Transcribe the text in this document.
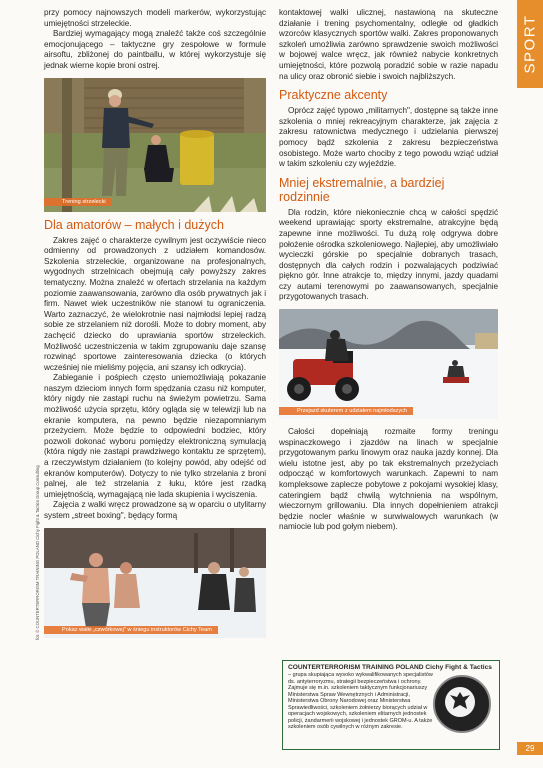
SPORT

przy pomocy najnowszych modeli markerów, wykorzystując umiejętności strzeleckie.

Bardziej wymagający mogą znaleźć także coś szczególnie emocjonującego – taktyczne gry zespołowe w formule airsoftu, zbliżonej do paintballu, w której wykorzystuje się jednak wierne kopie broni ostrej.

Trening strzelecki
Dla amatorów – małych i dużych

Zakres zajęć o charakterze cywilnym jest oczywiście nieco odmienny od prowadzonych z udziałem komandosów. Szkolenia strzeleckie, organizowane na profesjonalnych, wygodnych strzelnicach obejmują cały powyższy zakres tematyczny. Można znaleźć w ofertach strzelania na każdym poziomie zaawansowania, zarówno dla osób prywatnych jak i firm. Nawet wiek uczestników nie stanowi tu ograniczenia. Warto zaznaczyć, że wielokrotnie nasi najmłodsi lepiej radzą sobie ze strzelaniem niż dorośli. Może to dobry moment, aby zachęcić dziecko do uprawiania sportów strzeleckich. Możliwość uczestniczenia w takim zgrupowaniu daje szansę rozwinąć sportowe zainteresowania dziecka (o których wcześniej nie mieliśmy pojęcia, ani szansy ich odkrycia).

Zabieganie i pośpiech często uniemożliwiają pokazanie naszym dzieciom innych form spędzania czasu niż komputer, który nigdy nie zastąpi ruchu na świeżym powietrzu. Sama możliwość użycia sprzętu, który ogląda się w telewizji lub na ekranie komputera, na pewno będzie niezapomnianym przeżyciem. Może będzie to odpowiedni bodziec, który pozwoli dokonać wyboru pomiędzy elektroniczną symulacją (która nigdy nie zastąpi prawdziwego kontaktu ze sprzętem), a rzeczywistym działaniem (to kolejny powód, aby odejść od ekranów komputerów). Dotyczy to nie tylko strzelania z broni palnej, ale też strzelania z łuku, które jest rzadką umiejętnością, wymagającą nie lada skupienia i wyciszenia.

Zajęcia z walki wręcz prowadzone są w oparciu o utylitarny system „street boxing", będący formą

Pokaz walki „czwórkowej" w śniegu instruktorów Cichy Team

kontaktowej walki ulicznej, nastawioną na skuteczne działanie i trening psychomentalny, odległe od gładkich wzorców klasycznych sportów walki. Zakres proponowanych szkoleń umożliwia zarówno sprawdzenie swoich możliwości w bojowej walce wręcz, jak również nabycie konkretnych umiejętności, które pozwolą poradzić sobie w razie napadu na ulicy oraz obronić siebie i swoich najbliższych.

Praktyczne akcenty

Oprócz zajęć typowo „militarnych", dostępne są także inne szkolenia o mniej rekreacyjnym charakterze, jak zajęcia z zakresu ratownictwa medycznego i udzielania pierwszej pomocy bądź szkolenia z zakresu bezpieczeństwa osobistego. Może warto chociby z tego powodu wziąć udział w takim szkoleniu czy wyjeździe.

Mniej ekstremalnie, a bardziej rodzinnie

Dla rodzin, które niekoniecznie chcą w całości spędzić weekend uprawiając sporty ekstremalne, atrakcyjne będą zapewne inne możliwości. Tu dużą rolę odgrywa dobre położenie ośrodka szkoleniowego. Najlepiej, aby umożliwiało wycieczki górskie po specjalnie dobranych trasach, dostępnych dla całych rodzin i pozwalających podziwiać piękno gór. Inne atrakcje to, między innymi, jazdy quadami czy autami terenowymi po zaawansowanych, specjalnie przygotowanych trasach.

Przejazd skuterem z udziałem najmłodszych

Całości dopełniają rozmaite formy treningu wspinaczkowego i zjazdów na linach w specjalnie przygotowanym parku linowym oraz nauka jazdy konnej. Dla wielu istotne jest, aby po tak ekstremalnych przeżyciach odpocząć w komfortowych warunkach. Zapewni to nam kompleksowe zaplecze pobytowe z pokojami wysokiej klasy, cateringiem bądź chwilą wytchnienia na wspólnym, wieczornym grillowaniu. Dla innych dopełnieniem atrakcji będzie noclег właśnie w surwiwalowych warunkach (w namiocie lub pod gołym niebem).

COUNTERTERRORISM TRAINING POLAND Cichy Fight & Tactics
– grupa skupiająca wysoko wykwalifikowanych specjalistów ds. antyterroryzmu, strategii bezpieczeństwa i ochrony. Zajmuje się m.in. szkoleniem taktycznym funkcjonariuszy Ministerstwa Spraw Wewnętrznych i Administracji, Ministerstwa Obrony Narodowej oraz Ministerstwa Sprawiedliwości, szkoleniem żołnierzy biorących udział w operacjach wojskowych, szkoleniem elitarnych jednostek policji, żandarmerii wojskowej i jednostek GROM-u. A także szkoleniem osób cywilnych w różnym zakresie.
fot. © COUNTERTERRORISM TRAINING POLAND Cichy Fight & Tactics Group Consulting
29
